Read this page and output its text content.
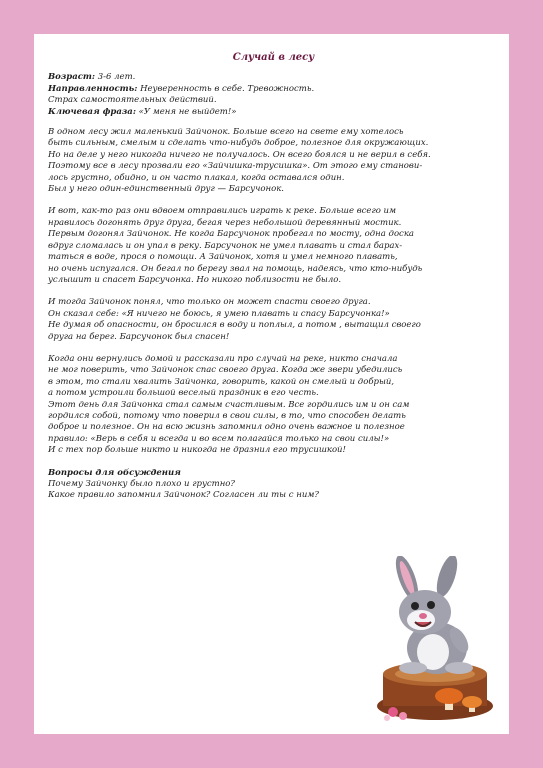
Случай в лесу

Возраст: 3-6 лет.

Направленность: Неуверенность в себе. Тревожность.

Страх самостоятельных действий.

Ключевая фраза: «У меня не выйдет!»

В одном лесу жил маленький Зайчонок. Больше всего на свете ему хотелось
быть сильным, смелым и сделать что-нибудь доброе, полезное для окружающих.
Но на деле у него никогда ничего не получалось. Он всего боялся и не верил в себя.
Поэтому все в лесу прозвали его «Зайчишка-трусишка». От этого ему станови-
лось грустно, обидно, и он часто плакал, когда оставался один.
Был у него один-единственный друг — Барсучонок.

И вот, как-то раз они вдвоем отправились играть к реке. Больше всего им
нравилось догонять друг друга, бегая через небольшой деревянный мостик.
Первым догонял Зайчонок. Не когда Барсучонок пробегал по мосту, одна доска
вдруг сломалась и он упал в реку. Барсучонок не умел плавать и стал барах-
таться в воде, прося о помощи. А Зайчонок, хотя и умел немного плавать,
но очень испугался. Он бегал по берегу звал на помощь, надеясь, что кто-нибудь
услышит и спасет Барсучонка. Но никого поблизости не было.

И тогда Зайчонок понял, что только он может спасти своего друга.
Он сказал себе: «Я ничего не боюсь, я умею плавать и спасу Барсучонка!»
Не думая об опасности, он бросился в воду и поплыл, а потом , вытащил своего
друга на берег. Барсучонок был спасен!

Когда они вернулись домой и рассказали про случай на реке, никто сначала
не мог поверить, что Зайчонок спас своего друга. Когда же звери убедились
в этом, то стали хвалить Зайчонка, говорить, какой он смелый и добрый,
а потом устроили большой веселый праздник в его честь.
Этот день для Зайчонка стал самым счастливым. Все гордились им и он сам
гордился собой, потому что поверил в свои силы, в то, что способен делать
доброе и полезное. Он на всю жизнь запомнил одно очень важное и полезное
правило: «Верь в себя и всегда и во всем полагайся только на свои силы!»
И с тех пор больше никто и никогда не дразнил его трусишкой!

Вопросы для обсуждения

Почему Зайчонку было плохо и грустно?

Какое правило запомнил Зайчонок? Согласен ли ты с ним?
